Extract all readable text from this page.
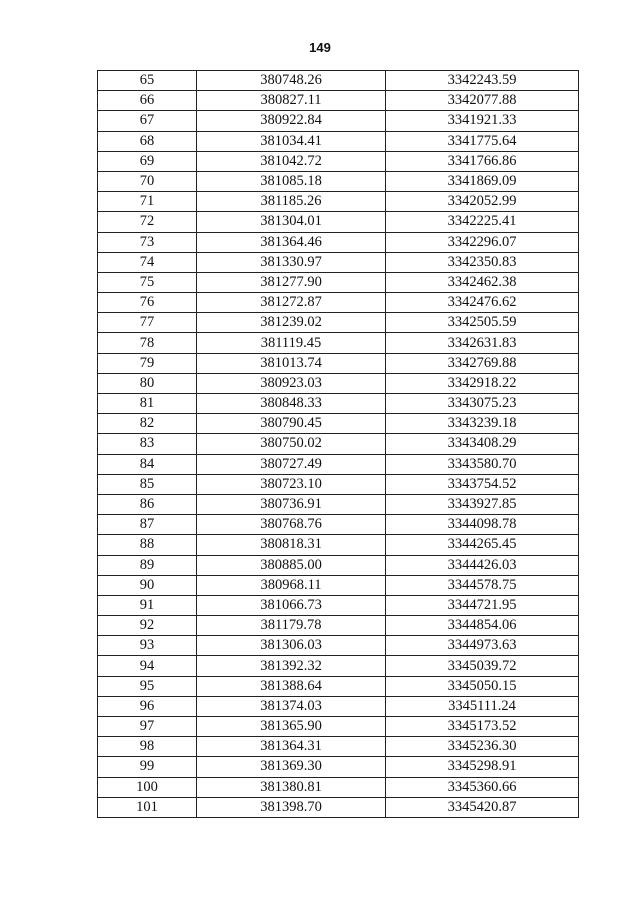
149
65	380748.26	3342243.59
66	380827.11	3342077.88
67	380922.84	3341921.33
68	381034.41	3341775.64
69	381042.72	3341766.86
70	381085.18	3341869.09
71	381185.26	3342052.99
72	381304.01	3342225.41
73	381364.46	3342296.07
74	381330.97	3342350.83
75	381277.90	3342462.38
76	381272.87	3342476.62
77	381239.02	3342505.59
78	381119.45	3342631.83
79	381013.74	3342769.88
80	380923.03	3342918.22
81	380848.33	3343075.23
82	380790.45	3343239.18
83	380750.02	3343408.29
84	380727.49	3343580.70
85	380723.10	3343754.52
86	380736.91	3343927.85
87	380768.76	3344098.78
88	380818.31	3344265.45
89	380885.00	3344426.03
90	380968.11	3344578.75
91	381066.73	3344721.95
92	381179.78	3344854.06
93	381306.03	3344973.63
94	381392.32	3345039.72
95	381388.64	3345050.15
96	381374.03	3345111.24
97	381365.90	3345173.52
98	381364.31	3345236.30
99	381369.30	3345298.91
100	381380.81	3345360.66
101	381398.70	3345420.87
